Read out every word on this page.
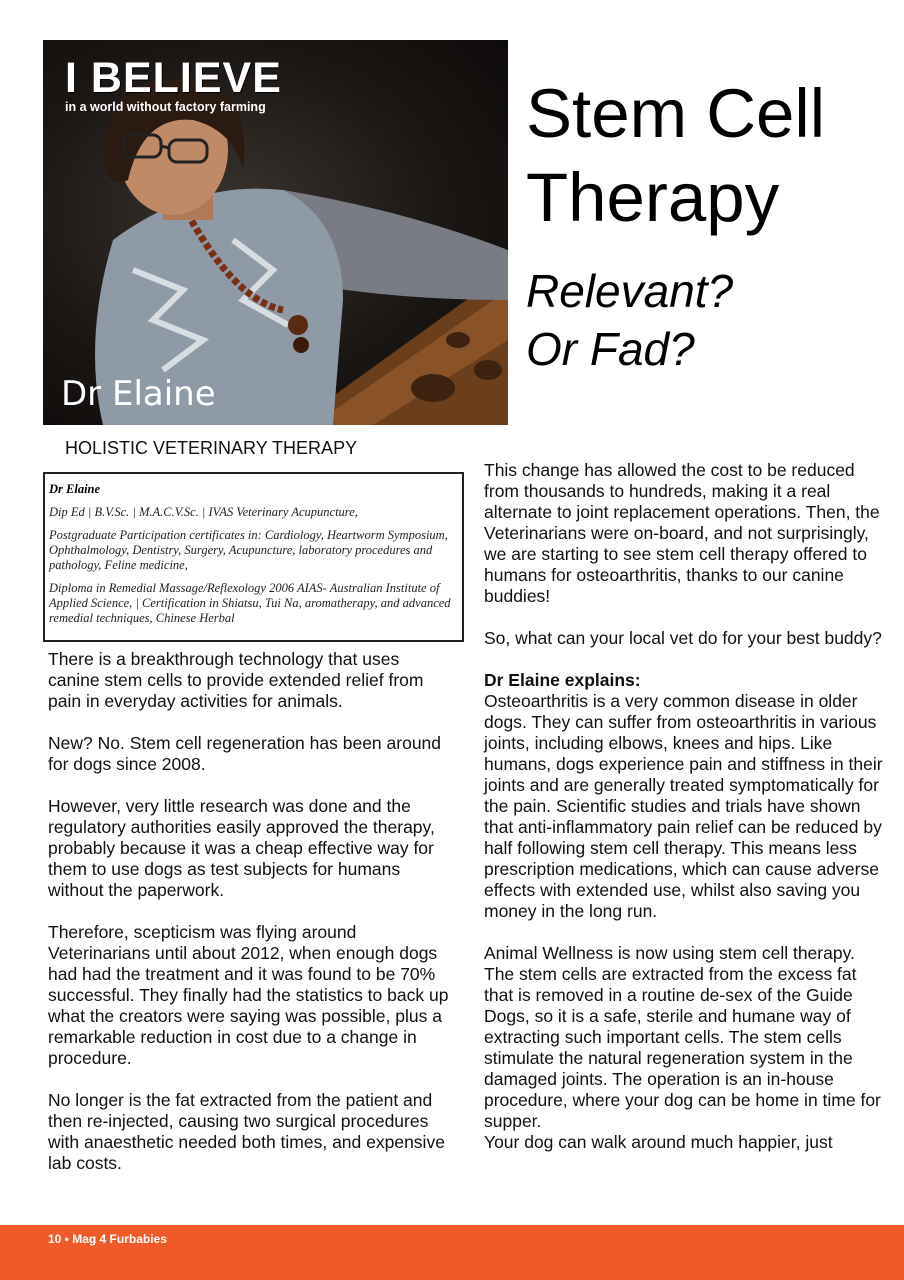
I BELIEVE
in a world without factory farming
Dr Elaine
Stem Cell
Therapy
Relevant?
Or Fad?
HOLISTIC VETERINARY THERAPY

Dr Elaine

Dip Ed | B.V.Sc. | M.A.C.V.Sc. | IVAS Veterinary Acupuncture,

Postgraduate Participation certificates in: Cardiology, Heartworm Symposium, Ophthalmology, Dentistry, Surgery, Acupuncture, laboratory procedures and pathology, Feline medicine,

Diploma in Remedial Massage/Reflexology 2006 AIAS- Australian Institute of Applied Science, | Certification in Shiatsu, Tui Na, aromatherapy, and advanced remedial techniques, Chinese Herbal

There is a breakthrough technology that uses canine stem cells to provide extended relief from pain in everyday activities for animals.

New? No. Stem cell regeneration has been around for dogs since 2008.

However, very little research was done and the regulatory authorities easily approved the therapy, probably because it was a cheap effective way for them to use dogs as test subjects for humans without the paperwork.

Therefore, scepticism was flying around Veterinarians until about 2012, when enough dogs had had the treatment and it was found to be 70% successful. They finally had the statistics to back up what the creators were saying was possible, plus a remarkable reduction in cost due to a change in procedure.

No longer is the fat extracted from the patient and then re-injected, causing two surgical procedures with anaesthetic needed both times, and expensive lab costs.

This change has allowed the cost to be reduced from thousands to hundreds, making it a real alternate to joint replacement operations. Then, the Veterinarians were on-board, and not surprisingly, we are starting to see stem cell therapy offered to humans for osteoarthritis, thanks to our canine buddies!

So, what can your local vet do for your best buddy?

Dr Elaine explains:

Osteoarthritis is a very common disease in older dogs. They can suffer from osteoarthritis in various joints, including elbows, knees and hips. Like humans, dogs experience pain and stiffness in their joints and are generally treated symptomatically for the pain. Scientific studies and trials have shown that anti-inflammatory pain relief can be reduced by half following stem cell therapy. This means less prescription medications, which can cause adverse effects with extended use, whilst also saving you money in the long run.

Animal Wellness is now using stem cell therapy. The stem cells are extracted from the excess fat that is removed in a routine de-sex of the Guide Dogs, so it is a safe, sterile and humane way of extracting such important cells. The stem cells stimulate the natural regeneration system in the damaged joints. The operation is an in-house procedure, where your dog can be home in time for supper.

Your dog can walk around much happier, just

10 • Mag 4 Furbabies
